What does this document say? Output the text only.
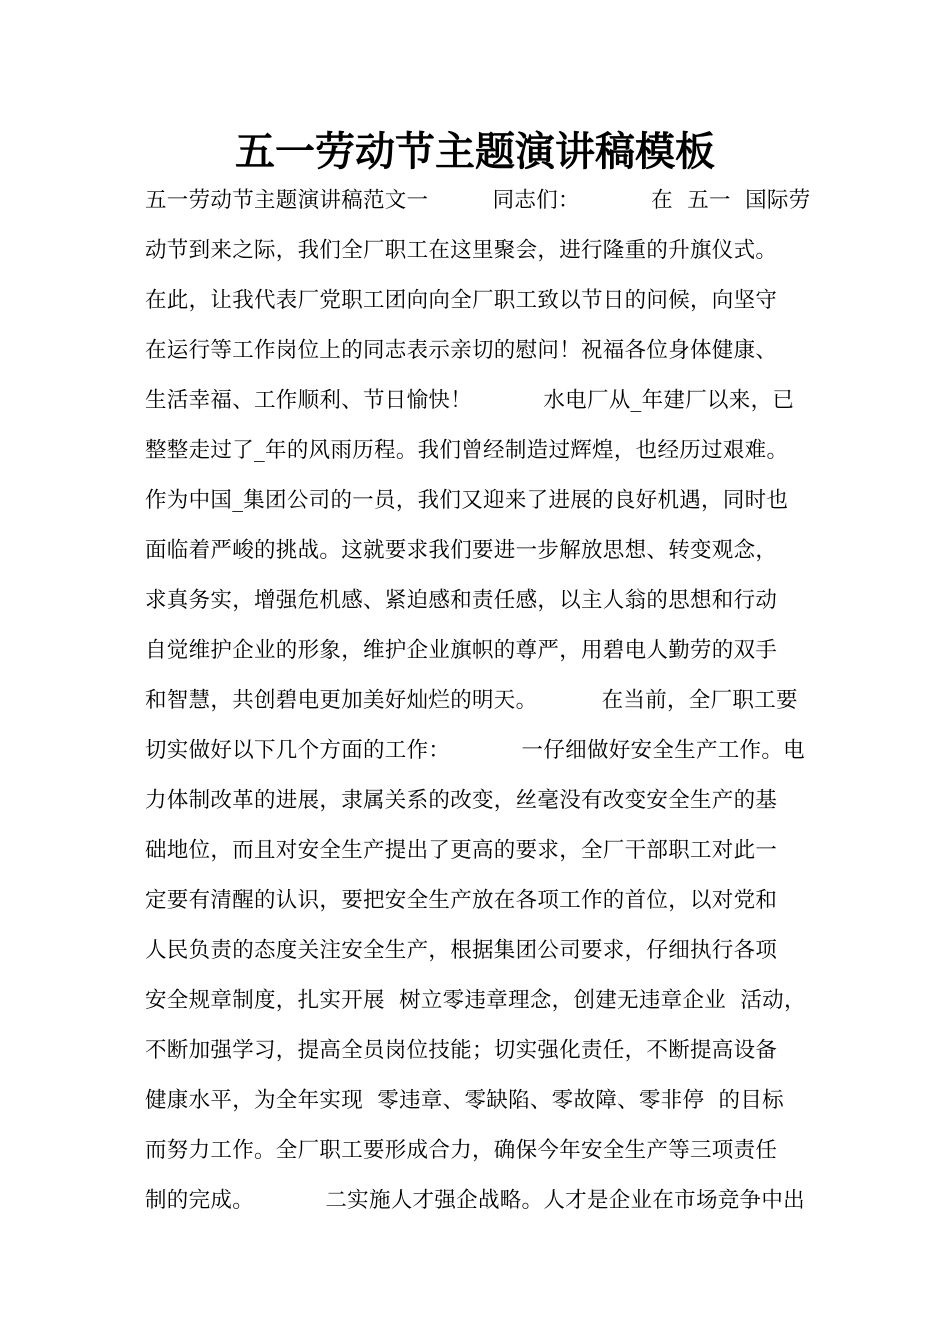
五一劳动节主题演讲稿模板
五一劳动节主题演讲稿范文一         同志们：          在  五一  国际劳
动节到来之际，我们全厂职工在这里聚会，进行隆重的升旗仪式。
在此，让我代表厂党职工团向向全厂职工致以节日的问候，向坚守
在运行等工作岗位上的同志表示亲切的慰问！祝福各位身体健康、
生活幸福、工作顺利、节日愉快！          水电厂从_年建厂以来，已
整整走过了_年的风雨历程。我们曾经制造过辉煌，也经历过艰难。
作为中国_集团公司的一员，我们又迎来了进展的良好机遇，同时也
面临着严峻的挑战。这就要求我们要进一步解放思想、转变观念，
求真务实，增强危机感、紧迫感和责任感，以主人翁的思想和行动
自觉维护企业的形象，维护企业旗帜的尊严，用碧电人勤劳的双手
和智慧，共创碧电更加美好灿烂的明天。         在当前，全厂职工要
切实做好以下几个方面的工作：          一仔细做好安全生产工作。电
力体制改革的进展，隶属关系的改变，丝毫没有改变安全生产的基
础地位，而且对安全生产提出了更高的要求，全厂干部职工对此一
定要有清醒的认识，要把安全生产放在各项工作的首位，以对党和
人民负责的态度关注安全生产，根据集团公司要求，仔细执行各项
安全规章制度，扎实开展  树立零违章理念，创建无违章企业  活动，
不断加强学习，提高全员岗位技能；切实强化责任，不断提高设备
健康水平，为全年实现  零违章、零缺陷、零故障、零非停  的目标
而努力工作。全厂职工要形成合力，确保今年安全生产等三项责任
制的完成。          二实施人才强企战略。人才是企业在市场竞争中出
